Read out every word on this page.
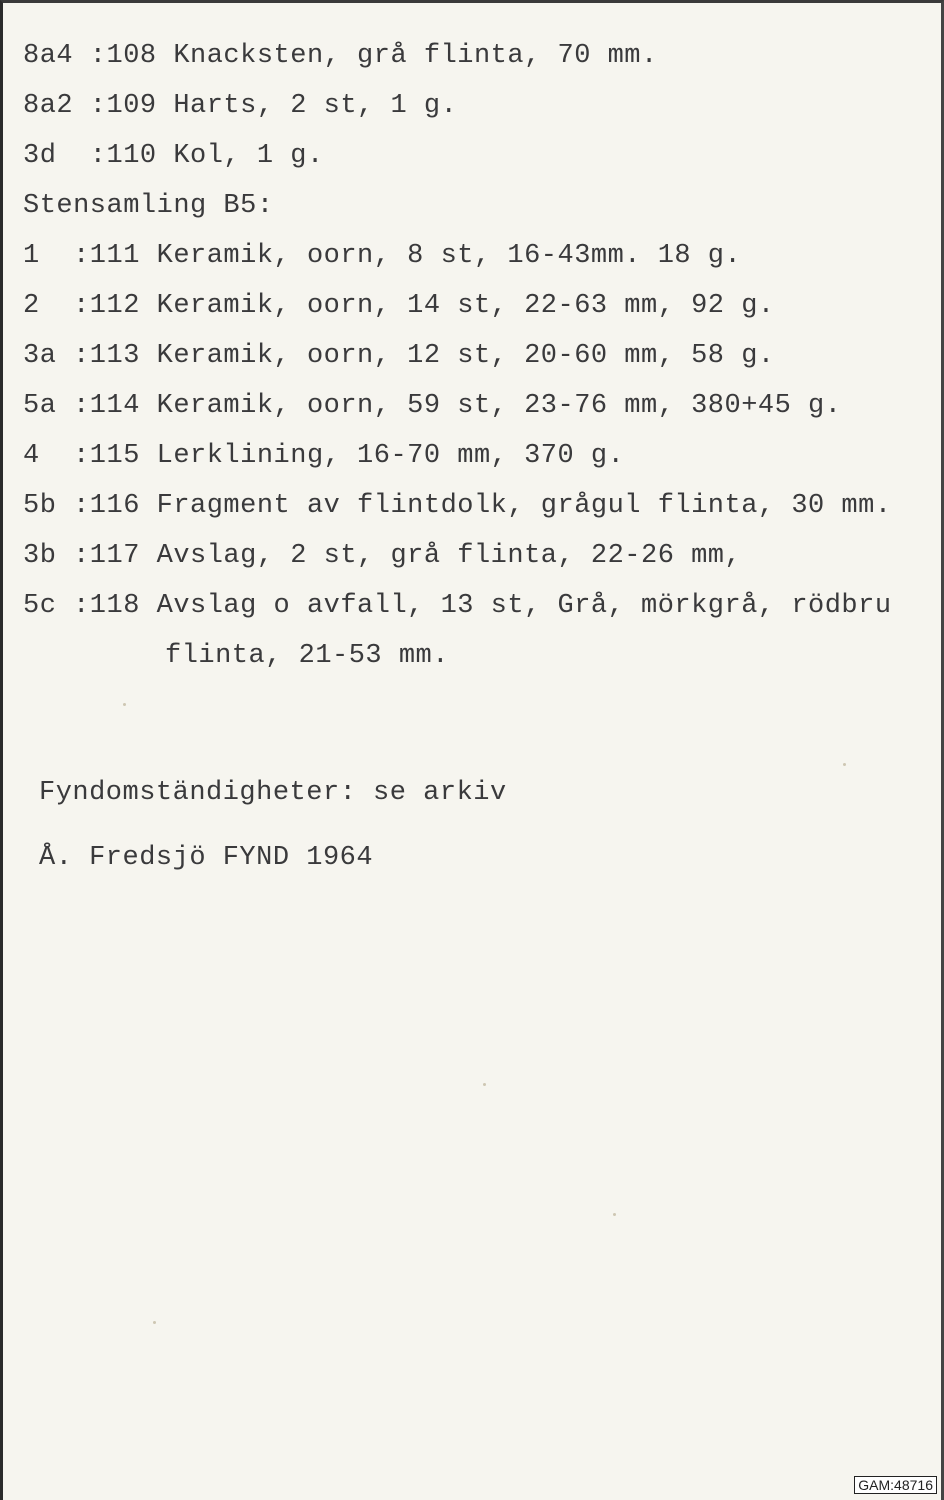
8a4 :108 Knacksten, grå flinta, 70 mm.
8a2 :109 Harts, 2 st, 1 g.
3d  :110 Kol, 1 g.
Stensamling B5:
1  :111 Keramik, oorn, 8 st, 16-43mm. 18 g.
2  :112 Keramik, oorn, 14 st, 22-63 mm, 92 g.
3a :113 Keramik, oorn, 12 st, 20-60 mm, 58 g.
5a :114 Keramik, oorn, 59 st, 23-76 mm, 380+45 g.
4  :115 Lerklining, 16-70 mm, 370 g.
5b :116 Fragment av flintdolk, grågul flinta, 30 mm.
3b :117 Avslag, 2 st, grå flinta, 22-26 mm,
5c :118 Avslag o avfall, 13 st, Grå, mörkgrå, rödbru
flinta, 21-53 mm.
Fyndomständigheter: se arkiv
Å. Fredsjö FYND 1964
GAM:48716
